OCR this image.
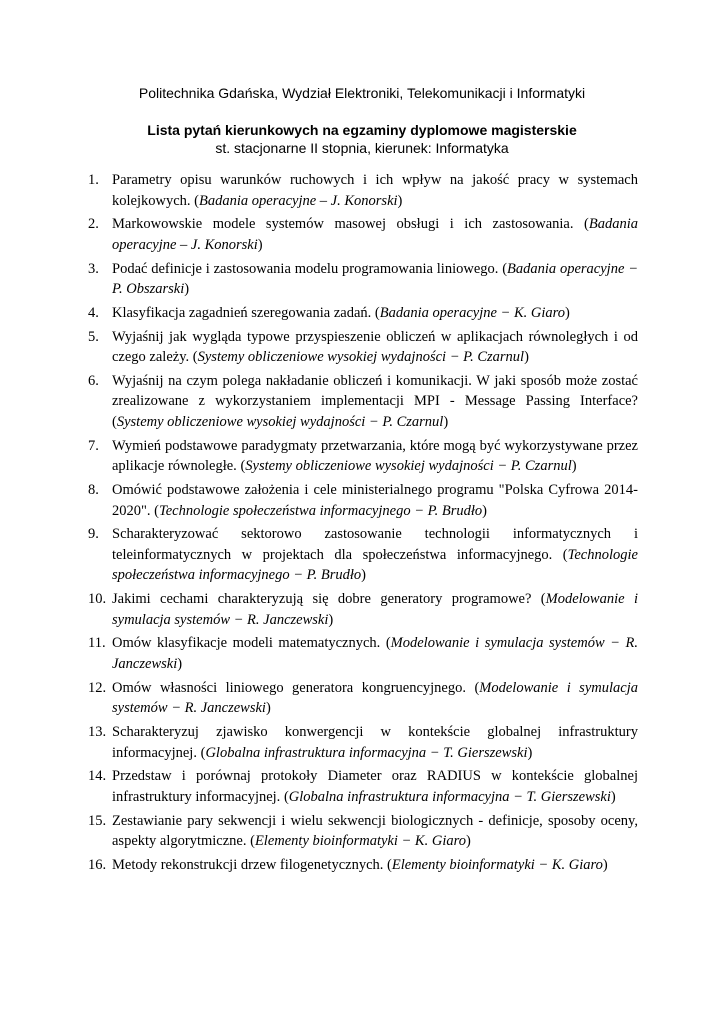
Politechnika Gdańska, Wydział Elektroniki, Telekomunikacji i Informatyki
Lista pytań kierunkowych na egzaminy dyplomowe magisterskie
st. stacjonarne II stopnia, kierunek: Informatyka
1. Parametry opisu warunków ruchowych i ich wpływ na jakość pracy w systemach kolejkowych. (Badania operacyjne – J. Konorski)
2. Markowowskie modele systemów masowej obsługi i ich zastosowania. (Badania operacyjne – J. Konorski)
3. Podać definicje i zastosowania modelu programowania liniowego. (Badania operacyjne − P. Obszarski)
4. Klasyfikacja zagadnień szeregowania zadań. (Badania operacyjne − K. Giaro)
5. Wyjaśnij jak wygląda typowe przyspieszenie obliczeń w aplikacjach równoległych i od czego zależy. (Systemy obliczeniowe wysokiej wydajności − P. Czarnul)
6. Wyjaśnij na czym polega nakładanie obliczeń i komunikacji. W jaki sposób może zostać zrealizowane z wykorzystaniem implementacji MPI - Message Passing Interface? (Systemy obliczeniowe wysokiej wydajności − P. Czarnul)
7. Wymień podstawowe paradygmaty przetwarzania, które mogą być wykorzystywane przez aplikacje równoległe. (Systemy obliczeniowe wysokiej wydajności − P. Czarnul)
8. Omówić podstawowe założenia i cele ministerialnego programu "Polska Cyfrowa 2014-2020". (Technologie społeczeństwa informacyjnego − P. Brudło)
9. Scharakteryzować sektorowo zastosowanie technologii informatycznych i teleinformatycznych w projektach dla społeczeństwa informacyjnego. (Technologie społeczeństwa informacyjnego − P. Brudło)
10. Jakimi cechami charakteryzują się dobre generatory programowe? (Modelowanie i symulacja systemów − R. Janczewski)
11. Omów klasyfikacje modeli matematycznych. (Modelowanie i symulacja systemów − R. Janczewski)
12. Omów własności liniowego generatora kongruencyjnego. (Modelowanie i symulacja systemów − R. Janczewski)
13. Scharakteryzuj zjawisko konwergencji w kontekście globalnej infrastruktury informacyjnej. (Globalna infrastruktura informacyjna − T. Gierszewski)
14. Przedstaw i porównaj protokoły Diameter oraz RADIUS w kontekście globalnej infrastruktury informacyjnej. (Globalna infrastruktura informacyjna − T. Gierszewski)
15. Zestawianie pary sekwencji i wielu sekwencji biologicznych - definicje, sposoby oceny, aspekty algorytmiczne. (Elementy bioinformatyki − K. Giaro)
16. Metody rekonstrukcji drzew filogenetycznych. (Elementy bioinformatyki − K. Giaro)
